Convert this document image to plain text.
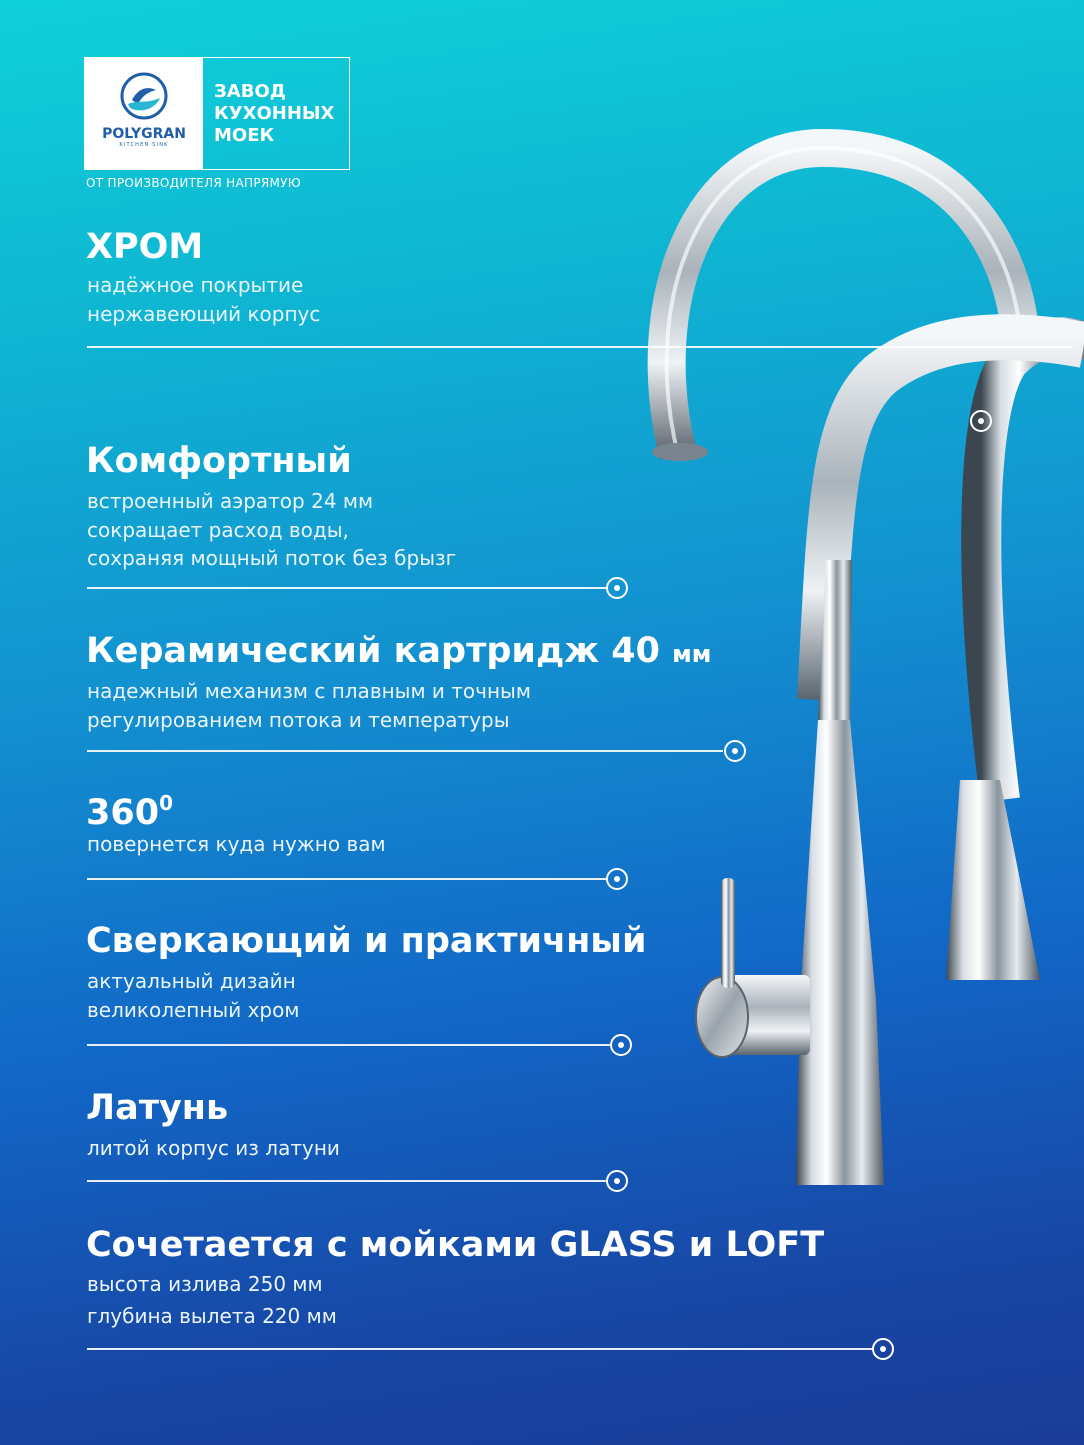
POLYGRAN
KITCHEN SINK
ЗАВОД
КУХОННЫХ
МОЕК
ОТ ПРОИЗВОДИТЕЛЯ НАПРЯМУЮ
ХРОМ
надёжное покрытие
нержавеющий корпус
Комфортный
встроенный аэратор 24 мм
сокращает расход воды,
сохраняя мощный поток без брызг
Керамический картридж 40 мм
надежный механизм с плавным и точным
регулированием потока и температуры
$360^0$
повернется куда нужно вам
Сверкающий и практичный
актуальный дизайн
великолепный хром
Латунь
литой корпус из латуни
Сочетается с мойками GLASS и LOFT
высота излива 250 мм
глубина вылета 220 мм
